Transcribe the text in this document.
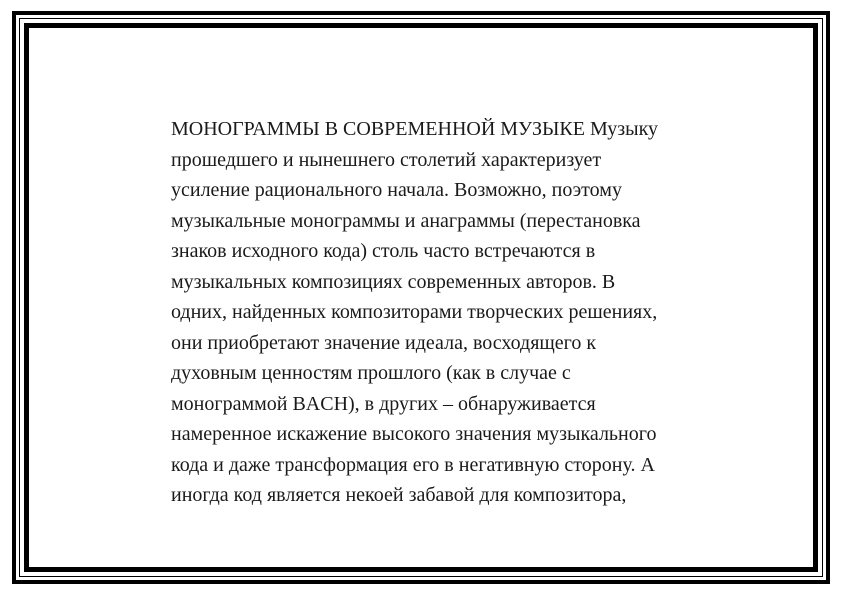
МОНОГРАММЫ В СОВРЕМЕННОЙ МУЗЫКЕ Музыку
прошедшего и нынешнего столетий характеризует
усиление рационального начала. Возможно, поэтому
музыкальные монограммы и анаграммы (перестановка
знаков исходного кода) столь часто встречаются в
музыкальных композициях современных авторов. В
одних, найденных композиторами творческих решениях,
они приобретают значение идеала, восходящего к
духовным ценностям прошлого (как в случае с
монограммой BACH), в других – обнаруживается
намеренное искажение высокого значения музыкального
кода и даже трансформация его в негативную сторону. А
иногда код является некоей забавой для композитора,
